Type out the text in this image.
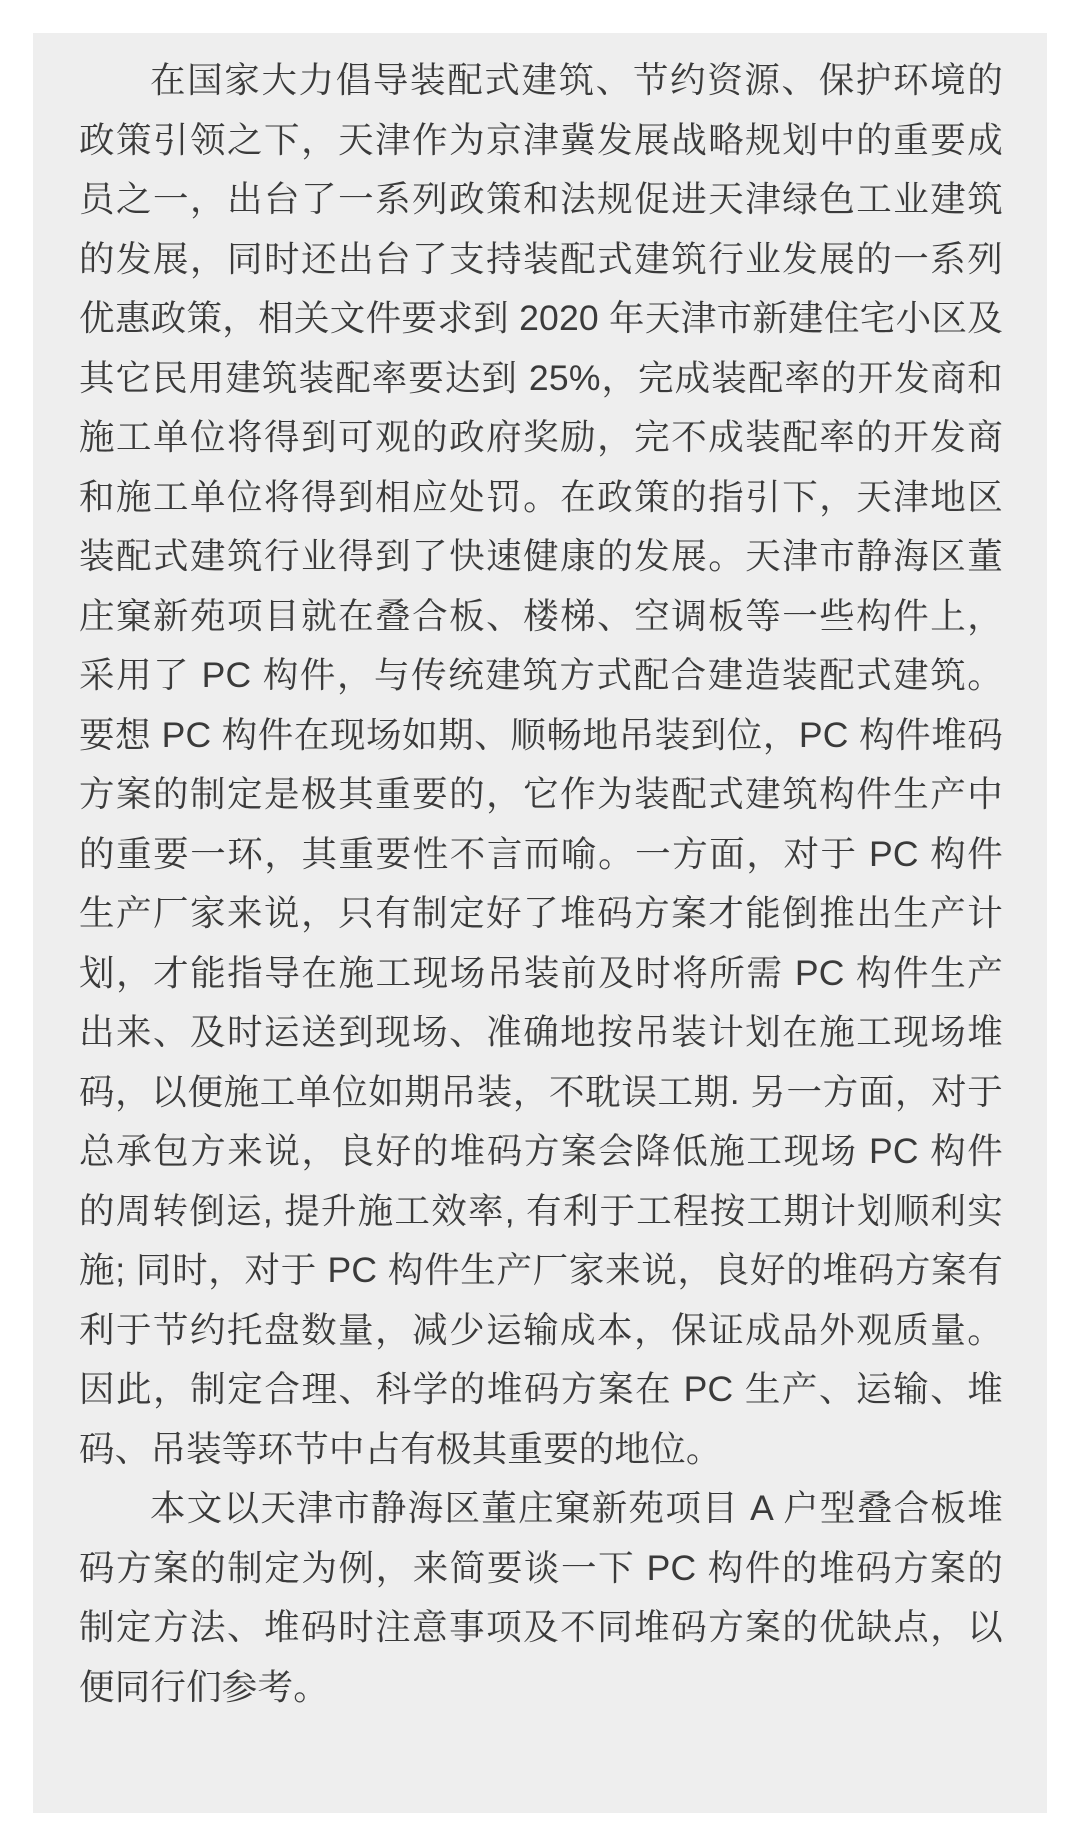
在国家大力倡导装配式建筑、节约资源、保护环境的政策引领之下，天津作为京津冀发展战略规划中的重要成员之一，出台了一系列政策和法规促进天津绿色工业建筑的发展，同时还出台了支持装配式建筑行业发展的一系列优惠政策，相关文件要求到 2020 年天津市新建住宅小区及其它民用建筑装配率要达到 25%，完成装配率的开发商和施工单位将得到可观的政府奖励，完不成装配率的开发商和施工单位将得到相应处罚。在政策的指引下，天津地区装配式建筑行业得到了快速健康的发展。天津市静海区董庄窠新苑项目就在叠合板、楼梯、空调板等一些构件上，采用了 PC 构件，与传统建筑方式配合建造装配式建筑。要想 PC 构件在现场如期、顺畅地吊装到位，PC 构件堆码方案的制定是极其重要的，它作为装配式建筑构件生产中的重要一环，其重要性不言而喻。一方面，对于 PC 构件生产厂家来说，只有制定好了堆码方案才能倒推出生产计划，才能指导在施工现场吊装前及时将所需 PC 构件生产出来、及时运送到现场、准确地按吊装计划在施工现场堆码，以便施工单位如期吊装，不耽误工期. 另一方面，对于总承包方来说，良好的堆码方案会降低施工现场 PC 构件的周转倒运, 提升施工效率, 有利于工程按工期计划顺利实施; 同时，对于 PC 构件生产厂家来说，良好的堆码方案有利于节约托盘数量，减少运输成本，保证成品外观质量。因此，制定合理、科学的堆码方案在 PC 生产、运输、堆码、吊装等环节中占有极其重要的地位。

本文以天津市静海区董庄窠新苑项目 A 户型叠合板堆码方案的制定为例，来简要谈一下 PC 构件的堆码方案的制定方法、堆码时注意事项及不同堆码方案的优缺点，以便同行们参考。
